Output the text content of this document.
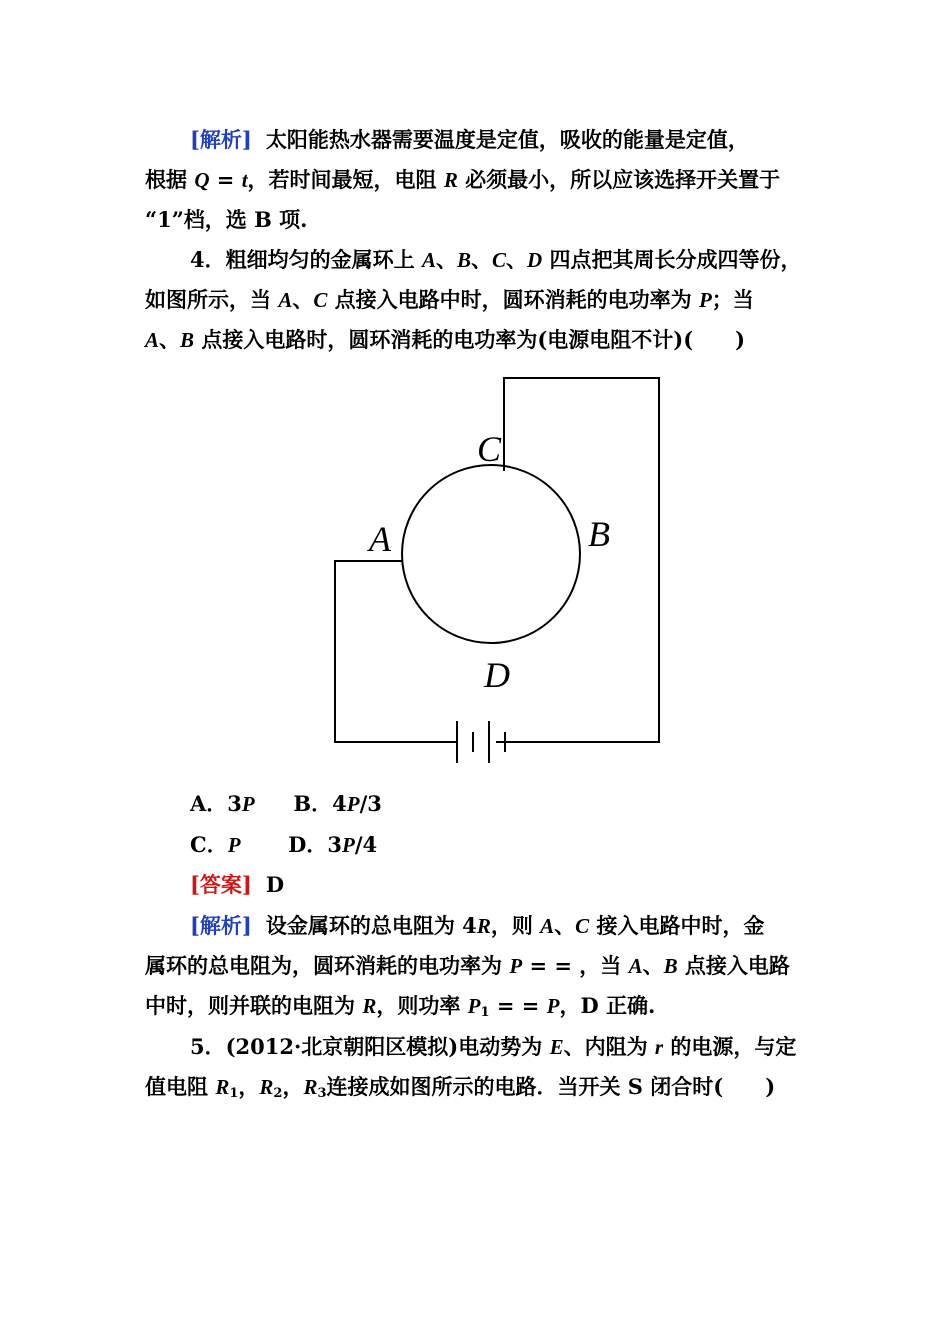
[解析] 太阳能热水器需要温度是定值，吸收的能量是定值，
根据 Q = t，若时间最短，电阻 R 必须最小，所以应该选择开关置于
“1”档，选 B 项.
4．粗细均匀的金属环上 A、B、C、D 四点把其周长分成四等份，
如图所示，当 A、C 点接入电路中时，圆环消耗的电功率为 P；当
A、B 点接入电路时，圆环消耗的电功率为(电源电阻不计)(　　)
C
A	B
D
A．3P B．4P/3
C．P D．3P/4
[答案] D
[解析] 设金属环的总电阻为 4R，则 A、C 接入电路中时，金
属环的总电阻为，圆环消耗的电功率为 P = = ，当 A、B 点接入电路
中时，则并联的电阻为 R，则功率 $P_1$ = = P，D 正确.
5．(2012·北京朝阳区模拟)电动势为 E、内阻为 r 的电源，与定
值电阻 $R_1$，$R_2$，$R_3$连接成如图所示的电路．当开关 S 闭合时(　　)
